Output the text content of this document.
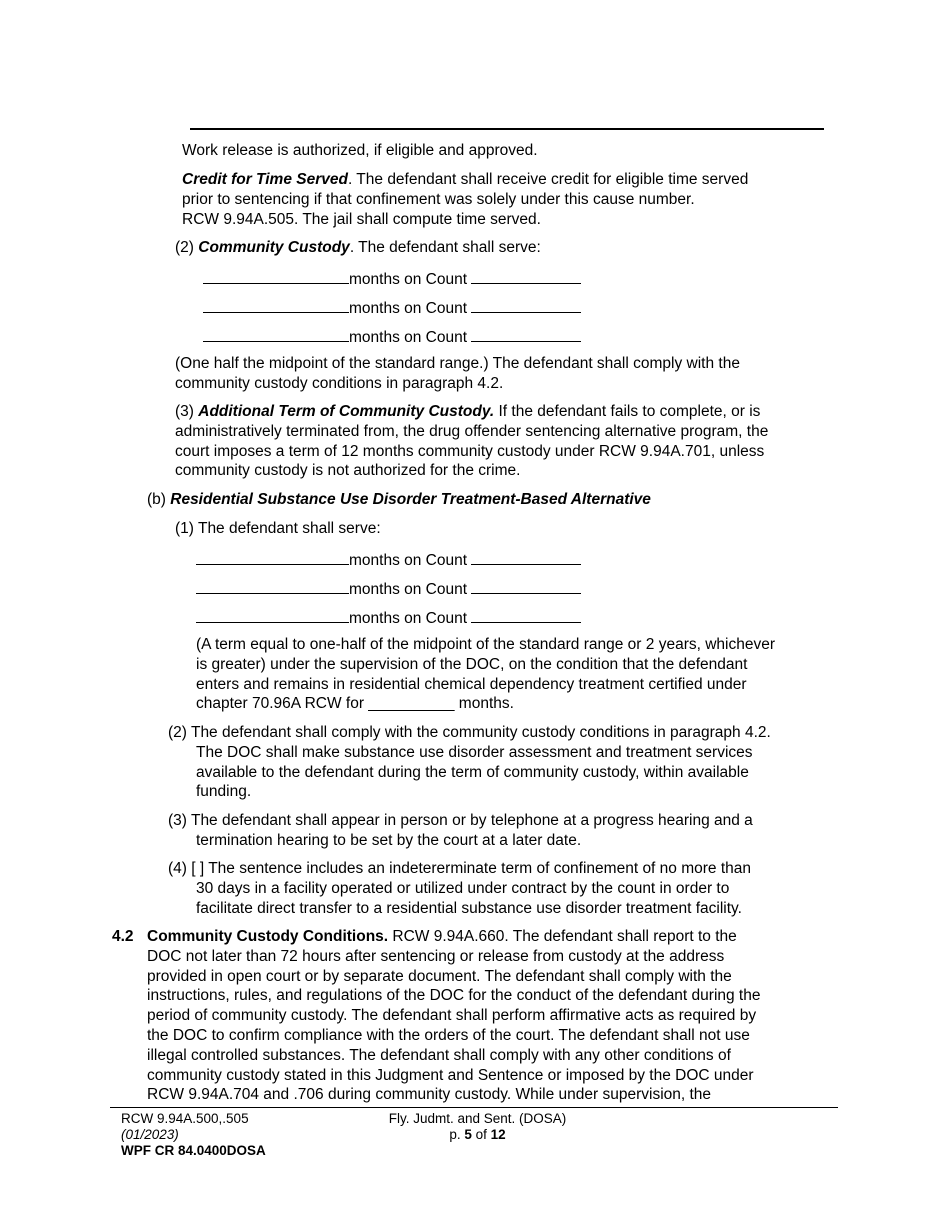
Work release is authorized, if eligible and approved.
Credit for Time Served. The defendant shall receive credit for eligible time served
prior to sentencing if that confinement was solely under this cause number.
RCW 9.94A.505. The jail shall compute time served.
(2) Community Custody. The defendant shall serve:
months on Count
months on Count
months on Count
(One half the midpoint of the standard range.) The defendant shall comply with the
community custody conditions in paragraph 4.2.
(3) Additional Term of Community Custody. If the defendant fails to complete, or is
administratively terminated from, the drug offender sentencing alternative program, the
court imposes a term of 12 months community custody under RCW 9.94A.701, unless
community custody is not authorized for the crime.
(b) Residential Substance Use Disorder Treatment-Based Alternative
(1) The defendant shall serve:
months on Count
months on Count
months on Count
(A term equal to one-half of the midpoint of the standard range or 2 years, whichever
is greater) under the supervision of the DOC, on the condition that the defendant
enters and remains in residential chemical dependency treatment certified under
chapter 70.96A RCW for __________ months.
(2) The defendant shall comply with the community custody conditions in paragraph 4.2.
The DOC shall make substance use disorder assessment and treatment services
available to the defendant during the term of community custody, within available
funding.
(3) The defendant shall appear in person or by telephone at a progress hearing and a
termination hearing to be set by the court at a later date.
(4) [ ] The sentence includes an indetererminate term of confinement of no more than
30 days in a facility operated or utilized under contract by the count in order to
facilitate direct transfer to a residential substance use disorder treatment facility.
4.2 Community Custody Conditions. RCW 9.94A.660. The defendant shall report to the
DOC not later than 72 hours after sentencing or release from custody at the address
provided in open court or by separate document. The defendant shall comply with the
instructions, rules, and regulations of the DOC for the conduct of the defendant during the
period of community custody. The defendant shall perform affirmative acts as required by
the DOC to confirm compliance with the orders of the court. The defendant shall not use
illegal controlled substances. The defendant shall comply with any other conditions of
community custody stated in this Judgment and Sentence or imposed by the DOC under
RCW 9.94A.704 and .706 during community custody. While under supervision, the
RCW 9.94A.500,.505
(01/2023)
WPF CR 84.0400DOSA
Fly. Judmt. and Sent. (DOSA)
p. 5 of 12
